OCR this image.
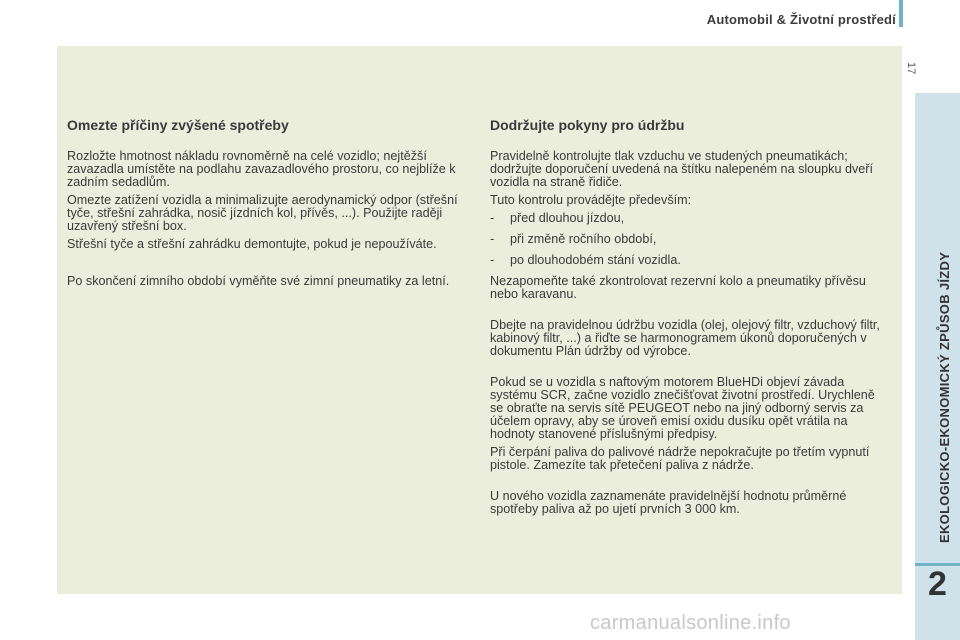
Automobil & Životní prostředí
17
Omezte příčiny zvýšené spotřeby

Rozložte hmotnost nákladu rovnoměrně na celé vozidlo; nejtěžší zavazadla umístěte na podlahu zavazadlového prostoru, co nejblíže k zadním sedadlům.

Omezte zatížení vozidla a minimalizujte aerodynamický odpor (střešní tyče, střešní zahrádka, nosič jízdních kol, přívěs, ...). Použijte raději uzavřený střešní box.

Střešní tyče a střešní zahrádku demontujte, pokud je nepoužíváte.

Po skončení zimního období vyměňte své zimní pneumatiky za letní.

Dodržujte pokyny pro údržbu

Pravidelně kontrolujte tlak vzduchu ve studených pneumatikách; dodržujte doporučení uvedená na štítku nalepeném na sloupku dveří vozidla na straně řidiče.

Tuto kontrolu provádějte především:

-	před dlouhou jízdou,
-	při změně ročního období,
-	po dlouhodobém stání vozidla.

Nezapomeňte také zkontrolovat rezervní kolo a pneumatiky přívěsu nebo karavanu.

Dbejte na pravidelnou údržbu vozidla (olej, olejový filtr, vzduchový filtr, kabinový filtr, ...) a řiďte se harmonogramem úkonů doporučených v dokumentu Plán údržby od výrobce.

Pokud se u vozidla s naftovým motorem BlueHDi objeví závada systému SCR, začne vozidlo znečišťovat životní prostředí. Urychleně se obraťte na servis sítě PEUGEOT nebo na jiný odborný servis za účelem opravy, aby se úroveň emisí oxidu dusíku opět vrátila na hodnoty stanovené příslušnými předpisy.

Při čerpání paliva do palivové nádrže nepokračujte po třetím vypnutí pistole. Zamezíte tak přetečení paliva z nádrže.

U nového vozidla zaznamenáte pravidelnější hodnotu průměrné spotřeby paliva až po ujetí prvních 3 000 km.	EKOLOGICKO-EKONOMICKÝ ZPŮSOB JÍZDY
2
carmanualsonline.info
